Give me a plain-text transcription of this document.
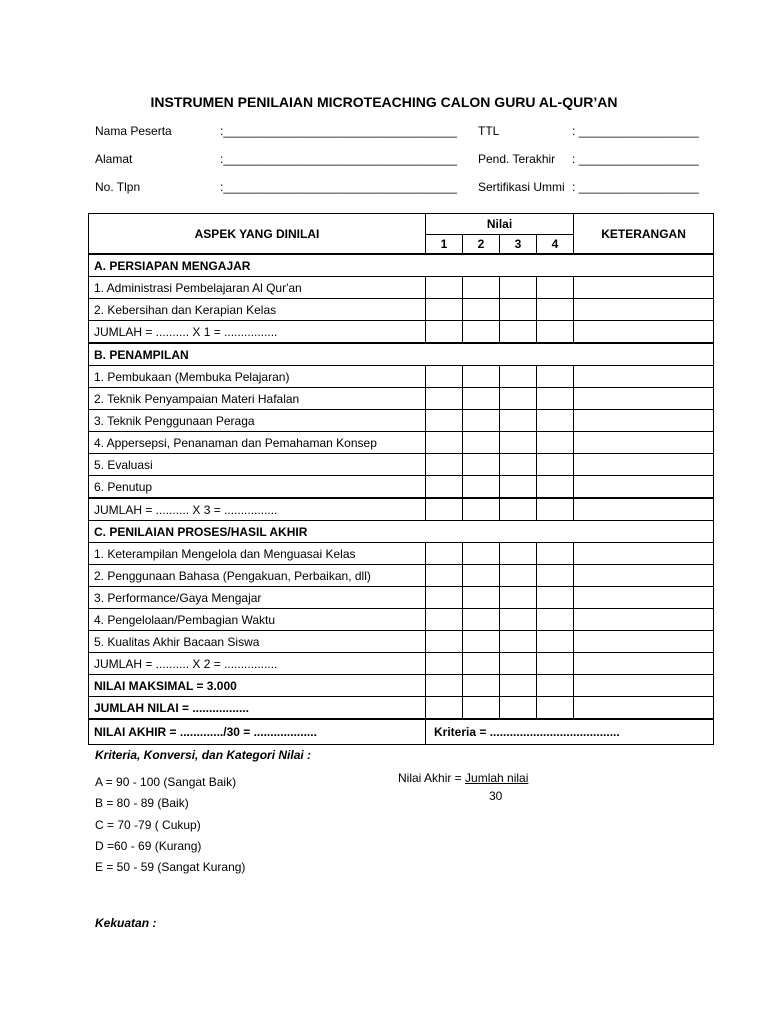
INSTRUMEN PENILAIAN MICROTEACHING CALON GURU AL-QUR’AN
Nama Peserta	:___________________________________
Alamat	:___________________________________
No. Tlpn	:___________________________________
TTL	: __________________
Pend. Terakhir : __________________
Sertifikasi Ummi : __________________
ASPEK YANG DINILAI	Nilai				KETERANGAN
	1	2	3	4	
A. PERSIAPAN MENGAJAR					
1. Administrasi Pembelajaran Al Qur'an					
2. Kebersihan dan Kerapian Kelas					
JUMLAH = .......... X 1 = ................					
B. PENAMPILAN					
1. Pembukaan (Membuka Pelajaran)					
2. Teknik Penyampaian Materi Hafalan					
3. Teknik Penggunaan Peraga					
4. Appersepsi, Penanaman dan Pemahaman Konsep					
5. Evaluasi					
6. Penutup					
JUMLAH = .......... X 3 = ................					
C. PENILAIAN PROSES/HASIL AKHIR					
1. Keterampilan Mengelola dan Menguasai Kelas					
2. Penggunaan Bahasa (Pengakuan, Perbaikan, dll)					
3. Performance/Gaya Mengajar					
4. Pengelolaan/Pembagian Waktu					
5. Kualitas Akhir Bacaan Siswa					
JUMLAH = .......... X 2 = ................					
NILAI MAKSIMAL = 3.000					
JUMLAH NILAI = .................					
NILAI AKHIR = ............./30 = ...................	Kriteria = .......................................				
Kriteria, Konversi, dan Kategori Nilai :
A = 90 - 100 (Sangat Baik)
B = 80 - 89 (Baik)
C = 70 -79 ( Cukup)
D =60 - 69 (Kurang)
E = 50 - 59 (Sangat Kurang)
Nilai Akhir = Jumlah nilai
30
Kekuatan :
